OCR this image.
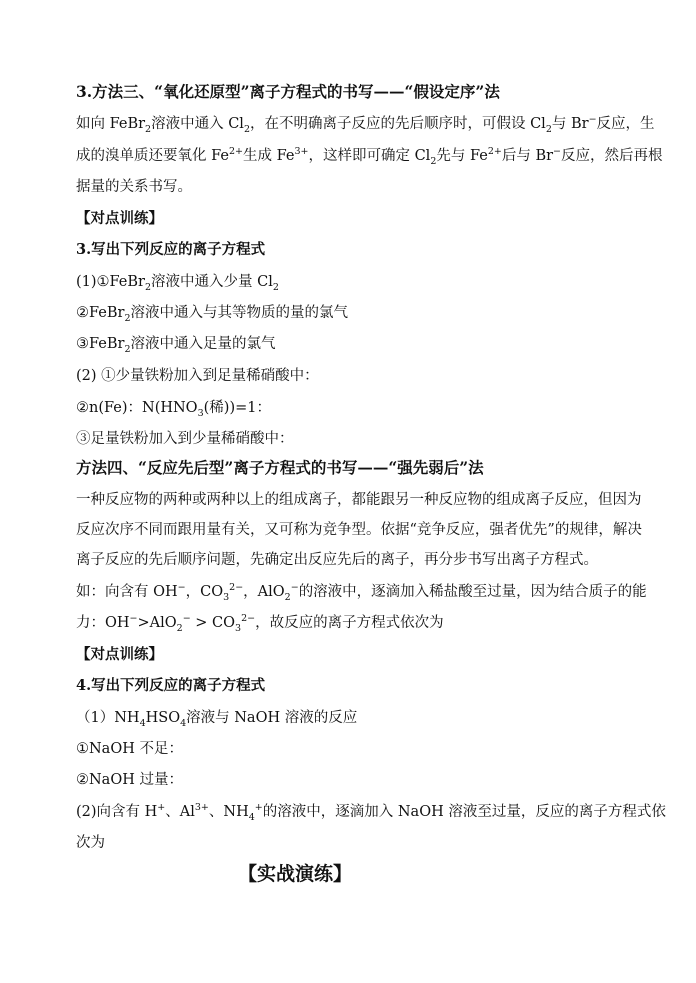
3.方法三、“氧化还原型”离子方程式的书写——“假设定序”法
如向 FeBr$_2$溶液中通入 $Cl_2$，在不明确离子反应的先后顺序时，可假设 $Cl_2$与 Br−反应，生
成的溴单质还要氧化 $Fe^{2+}$生成 $Fe^{3+}$，这样即可确定 $Cl_2$先与 $Fe^{2+}$后与 Br−反应，然后再根
据量的关系书写。
【对点训练】
3.写出下列反应的离子方程式
(1)①FeBr$_2$溶液中通入少量 $Cl_2$
②FeBr$_2$溶液中通入与其等物质的量的氯气
③FeBr$_2$溶液中通入足量的氯气
(2) ①少量铁粉加入到足量稀硝酸中：
②n(Fe)：$N(HNO_3$(稀))=1：
③足量铁粉加入到少量稀硝酸中：
方法四、“反应先后型”离子方程式的书写——“强先弱后”法
一种反应物的两种或两种以上的组成离子，都能跟另一种反应物的组成离子反应，但因为
反应次序不同而跟用量有关，又可称为竞争型。依据“竞争反应，强者优先”的规律，解决
离子反应的先后顺序问题，先确定出反应先后的离子，再分步书写出离子方程式。
如：向含有 OH−，$CO_3^{2-}$，AlO$_2$−的溶液中，逐滴加入稀盐酸至过量，因为结合质子的能
力：$OH^->AlO_2^- > CO_3^{2-}$，故反应的离子方程式依次为
【对点训练】
4.写出下列反应的离子方程式
$(1)NH_4HSO_4$溶液与 NaOH 溶液的反应
①NaOH 不足：
②NaOH 过量：
(2)向含有 H+、$Al^{3+}$、$NH_4^+$的溶液中，逐滴加入 NaOH 溶液至过量，反应的离子方程式依
次为
【实战演练】
